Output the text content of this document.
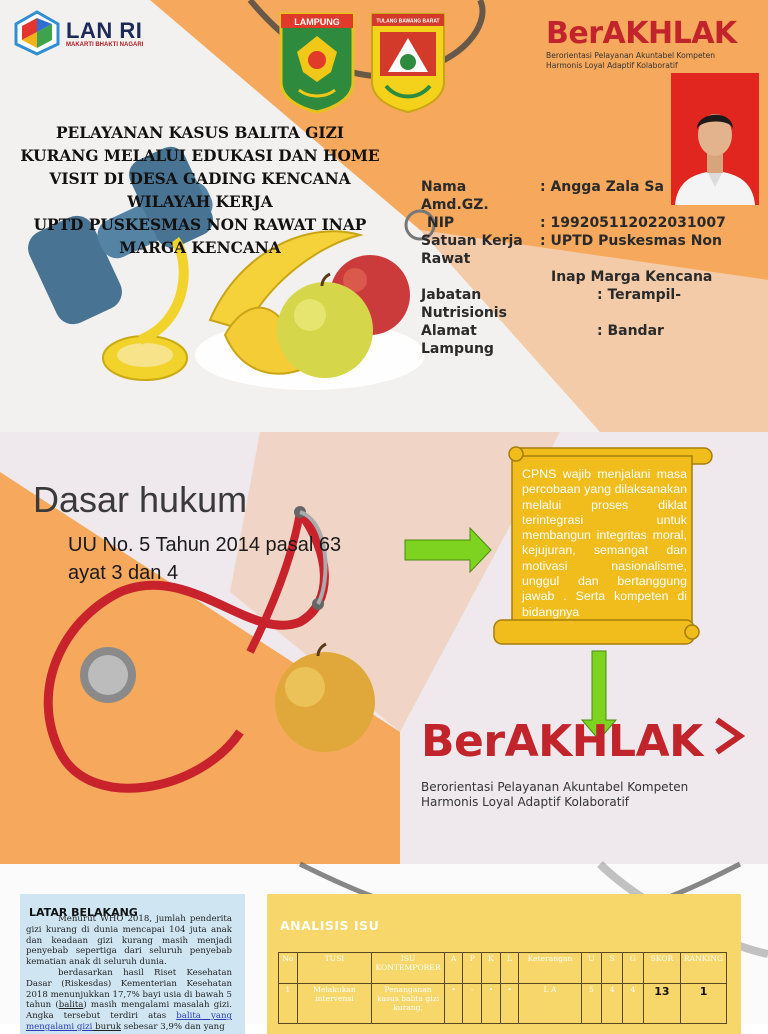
LAN RI
MAKARTI BHAKTI NAGARI
LAMPUNG	TULANG BAWANG BARAT	BerAKHLAK
Berorientasi Pelayanan Akuntabel Kompeten
Harmonis Loyal Adaptif Kolaboratif
PELAYANAN KASUS BALITA GIZI
KURANG MELALUI EDUKASI DAN HOME
VISIT DI DESA GADING KENCANA
WILAYAH KERJA
UPTD PUSKESMAS NON RAWAT INAP
MARGA KENCANA
Nama	: Angga Zala Sa
Amd.GZ.
NIP	: 199205112022031007
Satuan Kerja : UPTD Puskesmas Non
Rawat
Inap Marga Kencana
Jabatan	: Terampil-
Nutrisionis
Alamat	: Bandar
Lampung
Dasar hukum
UU No. 5 Tahun 2014 pasal 63
ayat 3 dan 4
CPNS wajib menjalani masa percobaan yang dilaksanakan melalui proses diklat terintegrasi untuk membangun integritas moral, kejujuran, semangat dan motivasi nasionalisme, unggul dan bertanggung jawab . Serta kompeten di bidangnya
BerAKHLAK
Berorientasi Pelayanan Akuntabel Kompeten
Harmonis Loyal Adaptif Kolaboratif
LATAR BELAKANG
Menurut WHO 2018, jumlah penderita gizi kurang di dunia mencapai 104 juta anak dan keadaan gizi kurang masih menjadi penyebab sepertiga dari seluruh penyebab kematian anak di seluruh dunia.
berdasarkan hasil Riset Kesehatan Dasar (Riskesdas) Kementerian Kesehatan 2018 menunjukkan 17,7% bayi usia di bawah 5 tahun (balita) masih mengalami masalah gizi. Angka tersebut terdiri atas balita yang mengalami gizi buruk sebesar 3,9% dan yang
ANALISIS ISU
No	TUSI	ISU KONTEMPORER	A	P	K	L	Keterangan	U	S	G	SKOR	RANKING
1	Melakukan intervensi	Penanganan kasus balita gizi kurang,	•	-	•	•	L A	5	4	4	13	1
